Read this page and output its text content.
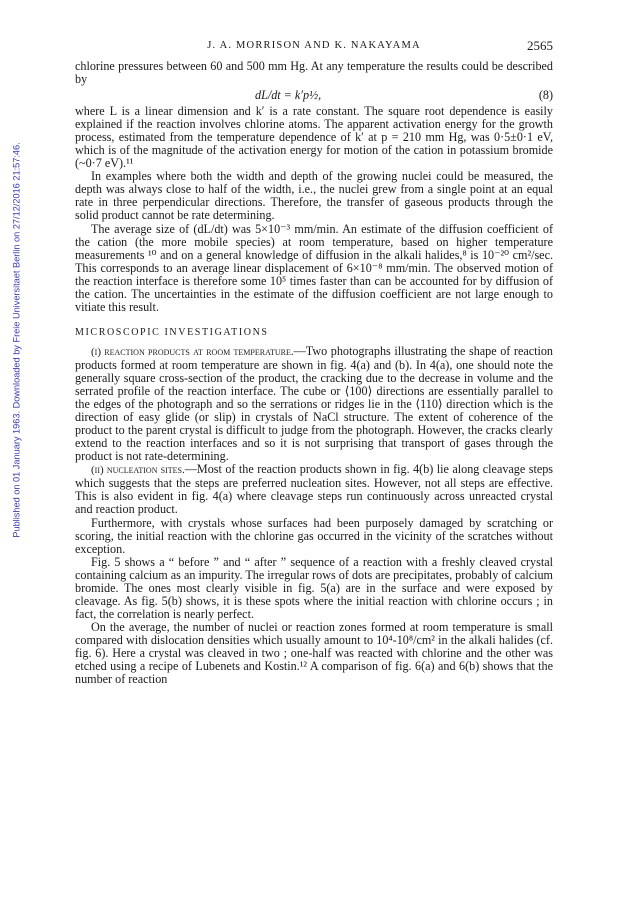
Published on 01 January 1963. Downloaded by Freie Universitaet Berlin on 27/12/2016 21:57:46.
J. A. MORRISON AND K. NAKAYAMA	2565

chlorine pressures between 60 and 500 mm Hg. At any temperature the results could be described by

dL/dt = k′p½,	(8)

where L is a linear dimension and k′ is a rate constant. The square root dependence is easily explained if the reaction involves chlorine atoms. The apparent activation energy for the growth process, estimated from the temperature dependence of k′ at p = 210 mm Hg, was 0·5±0·1 eV, which is of the magnitude of the activation energy for motion of the cation in potassium bromide (~0·7 eV).¹¹

In examples where both the width and depth of the growing nuclei could be measured, the depth was always close to half of the width, i.e., the nuclei grew from a single point at an equal rate in three perpendicular directions. Therefore, the transfer of gaseous products through the solid product cannot be rate determining.

The average size of (dL/dt) was 5×10⁻³ mm/min. An estimate of the diffusion coefficient of the cation (the more mobile species) at room temperature, based on higher temperature measurements ¹⁰ and on a general knowledge of diffusion in the alkali halides,⁸ is 10⁻²⁰ cm²/sec. This corresponds to an average linear displacement of 6×10⁻⁸ mm/min. The observed motion of the reaction interface is therefore some 10⁵ times faster than can be accounted for by diffusion of the cation. The uncertainties in the estimate of the diffusion coefficient are not large enough to vitiate this result.

MICROSCOPIC INVESTIGATIONS

(i) reaction products at room temperature.—Two photographs illustrating the shape of reaction products formed at room temperature are shown in fig. 4(a) and (b). In 4(a), one should note the generally square cross-section of the product, the cracking due to the decrease in volume and the serrated profile of the reaction interface. The cube or ⟨100⟩ directions are essentially parallel to the edges of the photograph and so the serrations or ridges lie in the ⟨110⟩ direction which is the direction of easy glide (or slip) in crystals of NaCl structure. The extent of coherence of the product to the parent crystal is difficult to judge from the photograph. However, the cracks clearly extend to the reaction interfaces and so it is not surprising that transport of gases through the product is not rate-determining.

(ii) nucleation sites.—Most of the reaction products shown in fig. 4(b) lie along cleavage steps which suggests that the steps are preferred nucleation sites. However, not all steps are effective. This is also evident in fig. 4(a) where cleavage steps run continuously across unreacted crystal and reaction product.

Furthermore, with crystals whose surfaces had been purposely damaged by scratching or scoring, the initial reaction with the chlorine gas occurred in the vicinity of the scratches without exception.

Fig. 5 shows a “ before ” and “ after ” sequence of a reaction with a freshly cleaved crystal containing calcium as an impurity. The irregular rows of dots are precipitates, probably of calcium bromide. The ones most clearly visible in fig. 5(a) are in the surface and were exposed by cleavage. As fig. 5(b) shows, it is these spots where the initial reaction with chlorine occurs ; in fact, the correlation is nearly perfect.

On the average, the number of nuclei or reaction zones formed at room temperature is small compared with dislocation densities which usually amount to 10⁴-10⁸/cm² in the alkali halides (cf. fig. 6). Here a crystal was cleaved in two ; one-half was reacted with chlorine and the other was etched using a recipe of Lubenets and Kostin.¹² A comparison of fig. 6(a) and 6(b) shows that the number of reaction
